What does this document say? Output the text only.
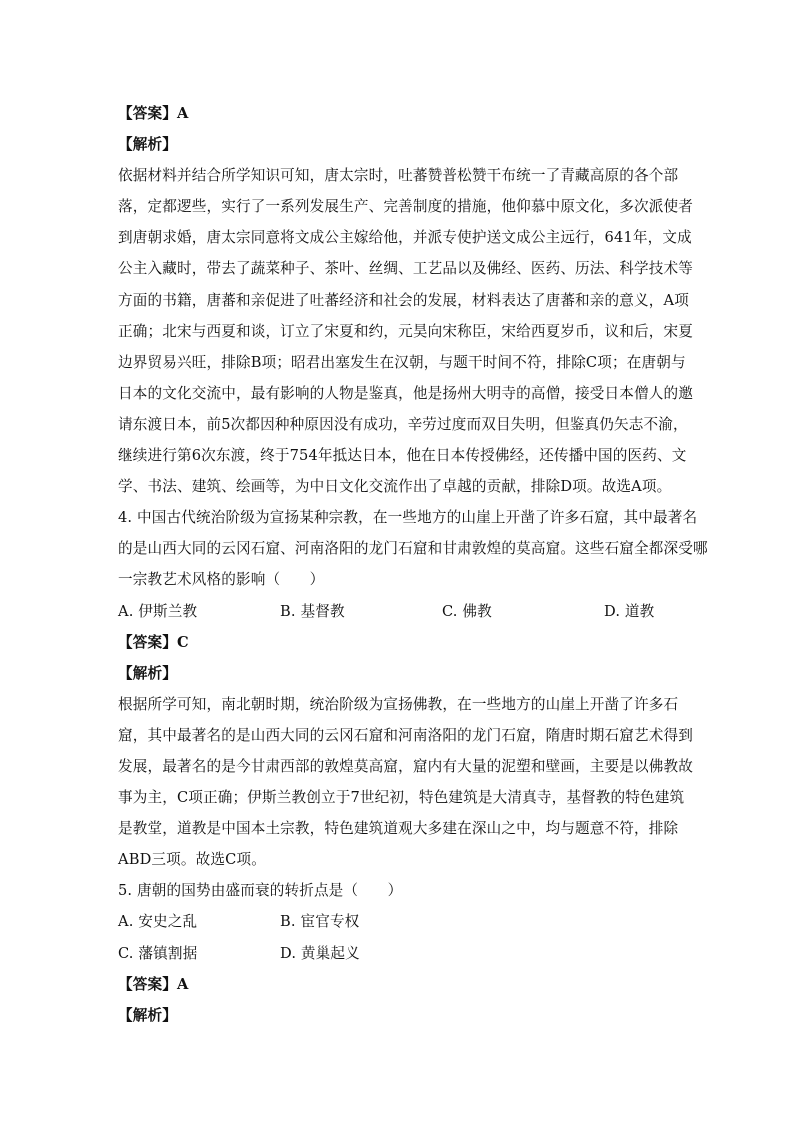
【答案】A
【解析】
依据材料并结合所学知识可知，唐太宗时，吐蕃赞普松赞干布统一了青藏高原的各个部
落，定都逻些，实行了一系列发展生产、完善制度的措施，他仰慕中原文化，多次派使者
到唐朝求婚，唐太宗同意将文成公主嫁给他，并派专使护送文成公主远行，641年，文成
公主入藏时，带去了蔬菜种子、茶叶、丝绸、工艺品以及佛经、医药、历法、科学技术等
方面的书籍，唐蕃和亲促进了吐蕃经济和社会的发展，材料表达了唐蕃和亲的意义，A项
正确；北宋与西夏和谈，订立了宋夏和约，元昊向宋称臣，宋给西夏岁币，议和后，宋夏
边界贸易兴旺，排除B项；昭君出塞发生在汉朝，与题干时间不符，排除C项；在唐朝与
日本的文化交流中，最有影响的人物是鉴真，他是扬州大明寺的高僧，接受日本僧人的邀
请东渡日本，前5次都因种种原因没有成功，辛劳过度而双目失明，但鉴真仍矢志不渝，
继续进行第6次东渡，终于754年抵达日本，他在日本传授佛经，还传播中国的医药、文
学、书法、建筑、绘画等，为中日文化交流作出了卓越的贡献，排除D项。故选A项。
4. 中国古代统治阶级为宣扬某种宗教，在一些地方的山崖上开凿了许多石窟，其中最著名
的是山西大同的云冈石窟、河南洛阳的龙门石窟和甘肃敦煌的莫高窟。这些石窟全都深受哪
一宗教艺术风格的影响（　　）
A. 伊斯兰教	B. 基督教	C. 佛教	D. 道教
【答案】C
【解析】
根据所学可知，南北朝时期，统治阶级为宣扬佛教，在一些地方的山崖上开凿了许多石
窟，其中最著名的是山西大同的云冈石窟和河南洛阳的龙门石窟，隋唐时期石窟艺术得到
发展，最著名的是今甘肃西部的敦煌莫高窟，窟内有大量的泥塑和壁画，主要是以佛教故
事为主，C项正确；伊斯兰教创立于7世纪初，特色建筑是大清真寺，基督教的特色建筑
是教堂，道教是中国本土宗教，特色建筑道观大多建在深山之中，均与题意不符，排除
ABD三项。故选C项。
5. 唐朝的国势由盛而衰的转折点是（　　）
A. 安史之乱	B. 宦官专权
C. 藩镇割据	D. 黄巢起义
【答案】A
【解析】
